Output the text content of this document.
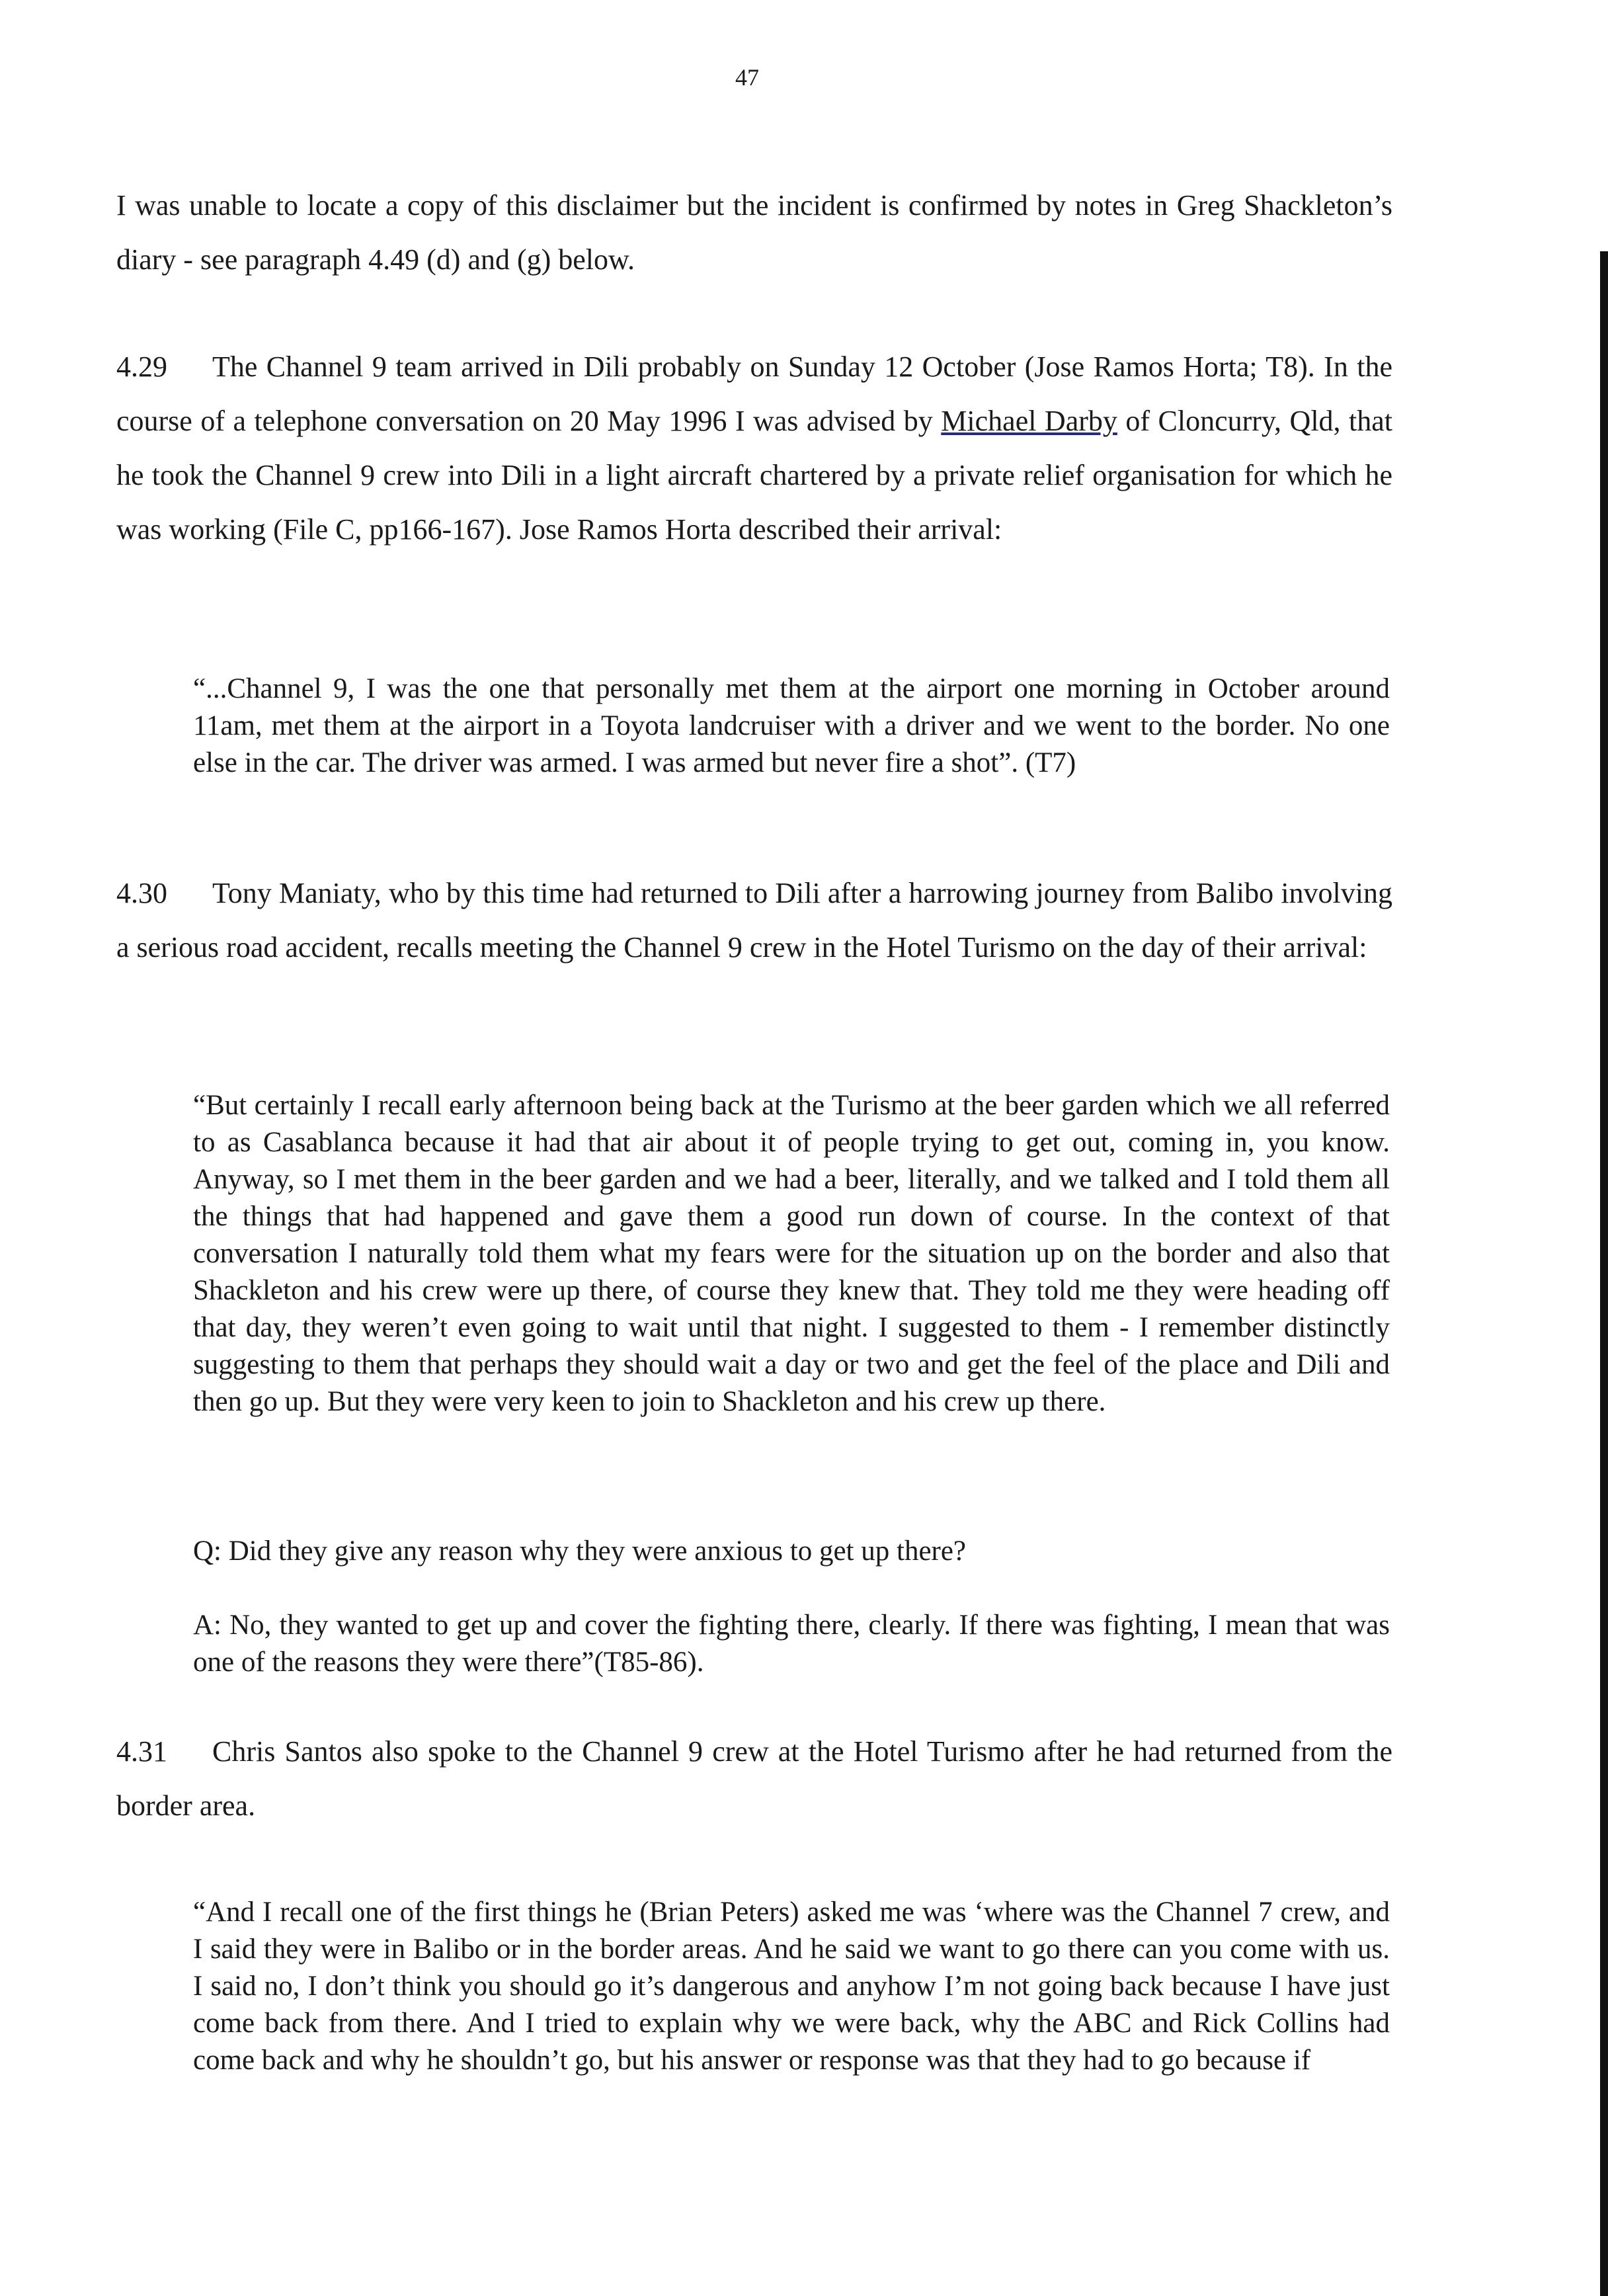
47

I was unable to locate a copy of this disclaimer but the incident is confirmed by notes in Greg Shackleton’s diary - see paragraph 4.49 (d) and (g) below.

4.29 The Channel 9 team arrived in Dili probably on Sunday 12 October (Jose Ramos Horta; T8). In the course of a telephone conversation on 20 May 1996 I was advised by Michael Darby of Cloncurry, Qld, that he took the Channel 9 crew into Dili in a light aircraft chartered by a private relief organisation for which he was working (File C, pp166-167). Jose Ramos Horta described their arrival:

“...Channel 9, I was the one that personally met them at the airport one morning in October around 11am, met them at the airport in a Toyota landcruiser with a driver and we went to the border. No one else in the car. The driver was armed. I was armed but never fire a shot”. (T7)

4.30 Tony Maniaty, who by this time had returned to Dili after a harrowing journey from Balibo involving a serious road accident, recalls meeting the Channel 9 crew in the Hotel Turismo on the day of their arrival:

“But certainly I recall early afternoon being back at the Turismo at the beer garden which we all referred to as Casablanca because it had that air about it of people trying to get out, coming in, you know. Anyway, so I met them in the beer garden and we had a beer, literally, and we talked and I told them all the things that had happened and gave them a good run down of course. In the context of that conversation I naturally told them what my fears were for the situation up on the border and also that Shackleton and his crew were up there, of course they knew that. They told me they were heading off that day, they weren’t even going to wait until that night. I suggested to them - I remember distinctly suggesting to them that perhaps they should wait a day or two and get the feel of the place and Dili and then go up. But they were very keen to join to Shackleton and his crew up there.

Q: Did they give any reason why they were anxious to get up there?

A: No, they wanted to get up and cover the fighting there, clearly. If there was fighting, I mean that was one of the reasons they were there”(T85-86).

4.31 Chris Santos also spoke to the Channel 9 crew at the Hotel Turismo after he had returned from the border area.

“And I recall one of the first things he (Brian Peters) asked me was ‘where was the Channel 7 crew, and I said they were in Balibo or in the border areas. And he said we want to go there can you come with us. I said no, I don’t think you should go it’s dangerous and anyhow I’m not going back because I have just come back from there. And I tried to explain why we were back, why the ABC and Rick Collins had come back and why he shouldn’t go, but his answer or response was that they had to go because if
